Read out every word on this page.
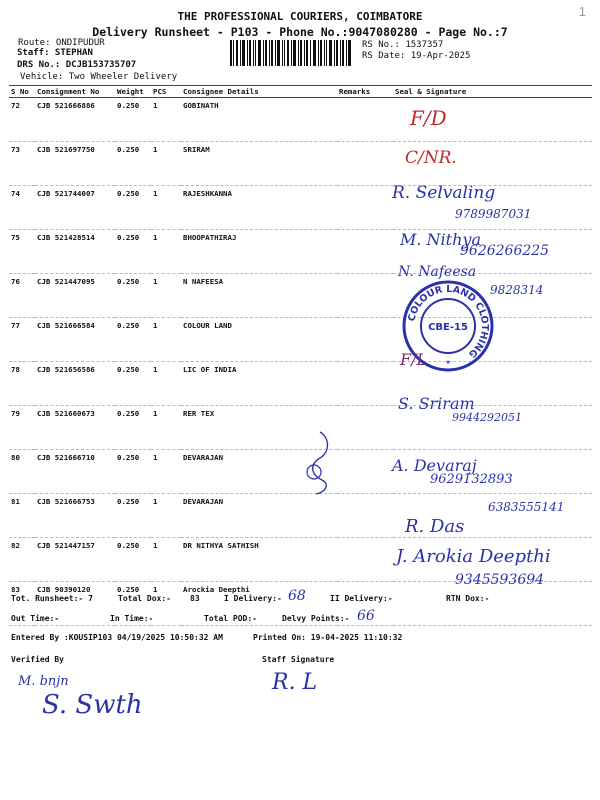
1
THE PROFESSIONAL COURIERS, COIMBATORE
Delivery Runsheet - P103 - Phone No.:9047080280 - Page No.:7
Route: ONDIPUDUR
Staff: STEPHAN
DRS No.: DCJB153735707
Vehicle: Two Wheeler Delivery
RS No.: 1537357
RS Date: 19-Apr-2025
S No	Consignment No	Weight	PCS	Consignee Details	Remarks	Seal & Signature
72	CJB 521666886	0.250	1	GOBINATH		
73	CJB 521697750	0.250	1	SRIRAM		
74	CJB 521744007	0.250	1	RAJESHKANNA		
75	CJB 521428514	0.250	1	BHOOPATHIRAJ		
76	CJB 521447095	0.250	1	N NAFEESA		
77	CJB 521666584	0.250	1	COLOUR LAND		
78	CJB 521656586	0.250	1	LIC OF INDIA		
79	CJB 521660673	0.250	1	RER TEX		
80	CJB 521666710	0.250	1	DEVARAJAN		
81	CJB 521666753	0.250	1	DEVARAJAN		
82	CJB 521447157	0.250	1	DR NITHYA SATHISH		
83	CJB 90390120	0.250	1	Arockia Deepthi		
F/D
C/NR.
R. Selvaling
9789987031
M. Nithya
9626266225
N. Nafeesa
9828314
COLOUR LAND CLOTHING
CBE-15
★
F/L
S. Sriram
9944292051
A. Devaraj
9629132893
R. Das
6383555141
J. Arokia Deepthi
9345593694
Tot. Runsheet:- 7	Total Dox:- 83	I Delivery:- 68	II Delivery:-	RTN Dox:-
Out Time:-	In Time:-	Total POD:-	Delvy Points:- 66
Entered By :KOUSIP103 04/19/2025 10:50:32 AM	Printed On: 19-04-2025 11:10:32
Verified By	Staff Signature
M. bnjn
S. Swth
R. L
